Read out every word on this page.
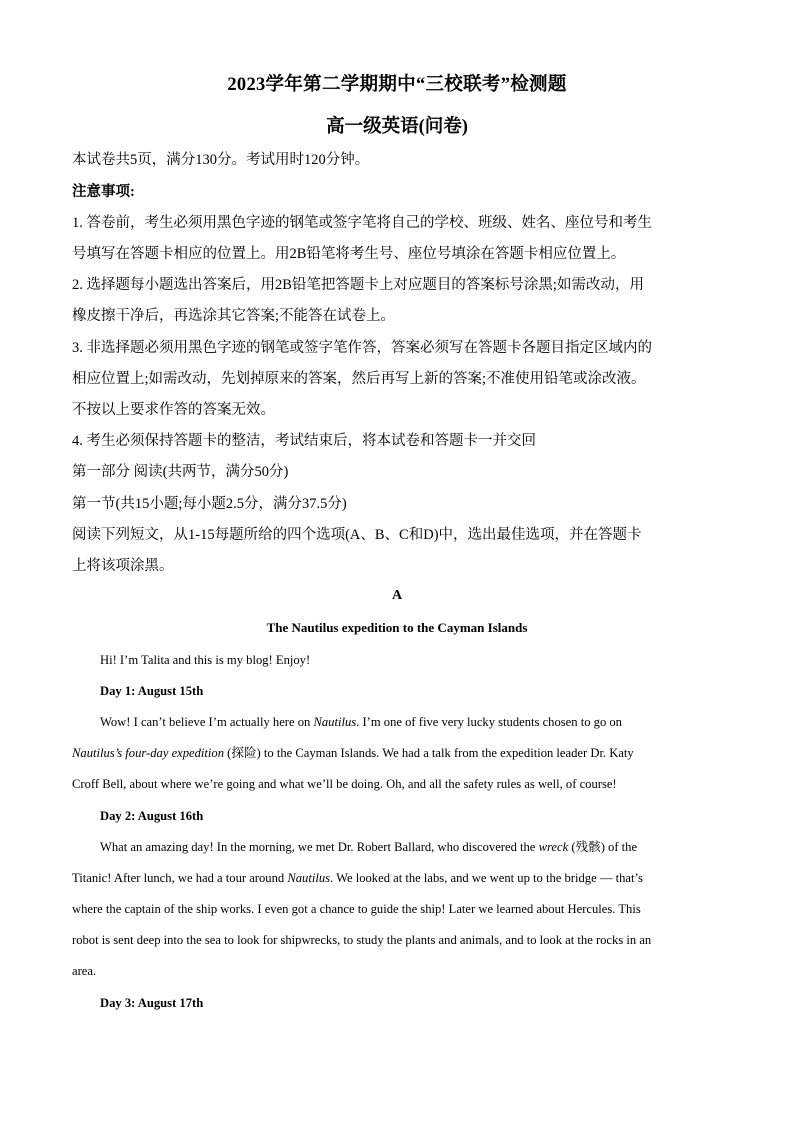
2023学年第二学期期中“三校联考”检测题
高一级英语(问卷)
本试卷共5页，满分130分。考试用时120分钟。
注意事项:
1. 答卷前，考生必须用黑色字迹的钢笔或签字笔将自己的学校、班级、姓名、座位号和考生
号填写在答题卡相应的位置上。用2B铅笔将考生号、座位号填涂在答题卡相应位置上。
2. 选择题每小题选出答案后，用2B铅笔把答题卡上对应题目的答案标号涂黑;如需改动，用
橡皮擦干净后，再选涂其它答案;不能答在试卷上。
3. 非选择题必须用黑色字迹的钢笔或签字笔作答，答案必须写在答题卡各题目指定区域内的
相应位置上;如需改动，先划掉原来的答案，然后再写上新的答案;不准使用铅笔或涂改液。
不按以上要求作答的答案无效。
4. 考生必须保持答题卡的整洁，考试结束后，将本试卷和答题卡一并交回
第一部分 阅读(共两节，满分50分)
第一节(共15小题;每小题2.5分，满分37.5分)
阅读下列短文，从1-15每题所给的四个选项(A、B、C和D)中，选出最佳选项，并在答题卡
上将该项涂黑。
A
The Nautilus expedition to the Cayman Islands
Hi! I’m Talita and this is my blog! Enjoy!
Day 1: August 15th
Wow! I can’t believe I’m actually here on Nautilus. I’m one of five very lucky students chosen to go on
Nautilus’s four-day expedition (探险) to the Cayman Islands. We had a talk from the expedition leader Dr. Katy
Croff Bell, about where we’re going and what we’ll be doing. Oh, and all the safety rules as well, of course!
Day 2: August 16th
What an amazing day! In the morning, we met Dr. Robert Ballard, who discovered the wreck (残骸) of the
Titanic! After lunch, we had a tour around Nautilus. We looked at the labs, and we went up to the bridge — that’s
where the captain of the ship works. I even got a chance to guide the ship! Later we learned about Hercules. This
robot is sent deep into the sea to look for shipwrecks, to study the plants and animals, and to look at the rocks in an
area.
Day 3: August 17th
